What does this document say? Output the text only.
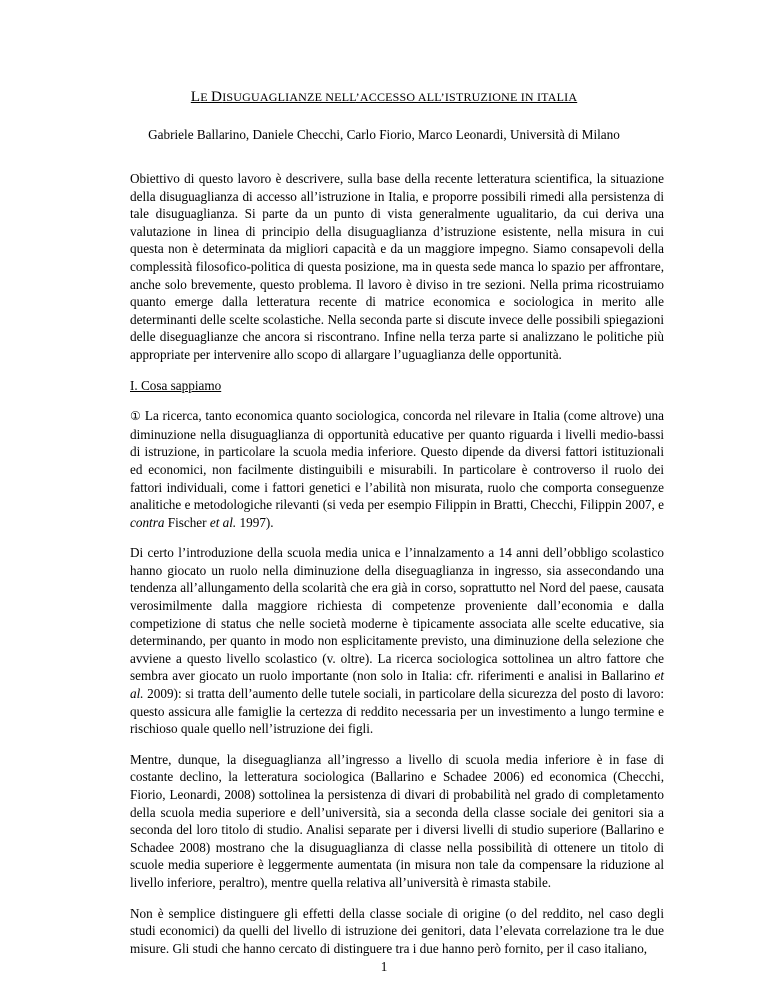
LE DISUGUAGLIANZE NELL’ACCESSO ALL’ISTRUZIONE IN ITALIA
Gabriele Ballarino, Daniele Checchi, Carlo Fiorio, Marco Leonardi, Università di Milano

Obiettivo di questo lavoro è descrivere, sulla base della recente letteratura scientifica, la situazione della disuguaglianza di accesso all’istruzione in Italia, e proporre possibili rimedi alla persistenza di tale disuguaglianza. Si parte da un punto di vista generalmente ugualitario, da cui deriva una valutazione in linea di principio della disuguaglianza d’istruzione esistente, nella misura in cui questa non è determinata da migliori capacità e da un maggiore impegno. Siamo consapevoli della complessità filosofico-politica di questa posizione, ma in questa sede manca lo spazio per affrontare, anche solo brevemente, questo problema. Il lavoro è diviso in tre sezioni. Nella prima ricostruiamo quanto emerge dalla letteratura recente di matrice economica e sociologica in merito alle determinanti delle scelte scolastiche. Nella seconda parte si discute invece delle possibili spiegazioni delle diseguaglianze che ancora si riscontrano. Infine nella terza parte si analizzano le politiche più appropriate per intervenire allo scopo di allargare l’uguaglianza delle opportunità.

I. Cosa sappiamo

① La ricerca, tanto economica quanto sociologica, concorda nel rilevare in Italia (come altrove) una diminuzione nella disuguaglianza di opportunità educative per quanto riguarda i livelli medio-bassi di istruzione, in particolare la scuola media inferiore. Questo dipende da diversi fattori istituzionali ed economici, non facilmente distinguibili e misurabili. In particolare è controverso il ruolo dei fattori individuali, come i fattori genetici e l’abilità non misurata, ruolo che comporta conseguenze analitiche e metodologiche rilevanti (si veda per esempio Filippin in Bratti, Checchi, Filippin 2007, e contra Fischer et al. 1997).

Di certo l’introduzione della scuola media unica e l’innalzamento a 14 anni dell’obbligo scolastico hanno giocato un ruolo nella diminuzione della diseguaglianza in ingresso, sia assecondando una tendenza all’allungamento della scolarità che era già in corso, soprattutto nel Nord del paese, causata verosimilmente dalla maggiore richiesta di competenze proveniente dall’economia e dalla competizione di status che nelle società moderne è tipicamente associata alle scelte educative, sia determinando, per quanto in modo non esplicitamente previsto, una diminuzione della selezione che avviene a questo livello scolastico (v. oltre). La ricerca sociologica sottolinea un altro fattore che sembra aver giocato un ruolo importante (non solo in Italia: cfr. riferimenti e analisi in Ballarino et al. 2009): si tratta dell’aumento delle tutele sociali, in particolare della sicurezza del posto di lavoro: questo assicura alle famiglie la certezza di reddito necessaria per un investimento a lungo termine e rischioso quale quello nell’istruzione dei figli.

Mentre, dunque, la diseguaglianza all’ingresso a livello di scuola media inferiore è in fase di costante declino, la letteratura sociologica (Ballarino e Schadee 2006) ed economica (Checchi, Fiorio, Leonardi, 2008) sottolinea la persistenza di divari di probabilità nel grado di completamento della scuola media superiore e dell’università, sia a seconda della classe sociale dei genitori sia a seconda del loro titolo di studio. Analisi separate per i diversi livelli di studio superiore (Ballarino e Schadee 2008) mostrano che la disuguaglianza di classe nella possibilità di ottenere un titolo di scuole media superiore è leggermente aumentata (in misura non tale da compensare la riduzione al livello inferiore, peraltro), mentre quella relativa all’università è rimasta stabile.

Non è semplice distinguere gli effetti della classe sociale di origine (o del reddito, nel caso degli studi economici) da quelli del livello di istruzione dei genitori, data l’elevata correlazione tra le due misure. Gli studi che hanno cercato di distinguere tra i due hanno però fornito, per il caso italiano,

1
